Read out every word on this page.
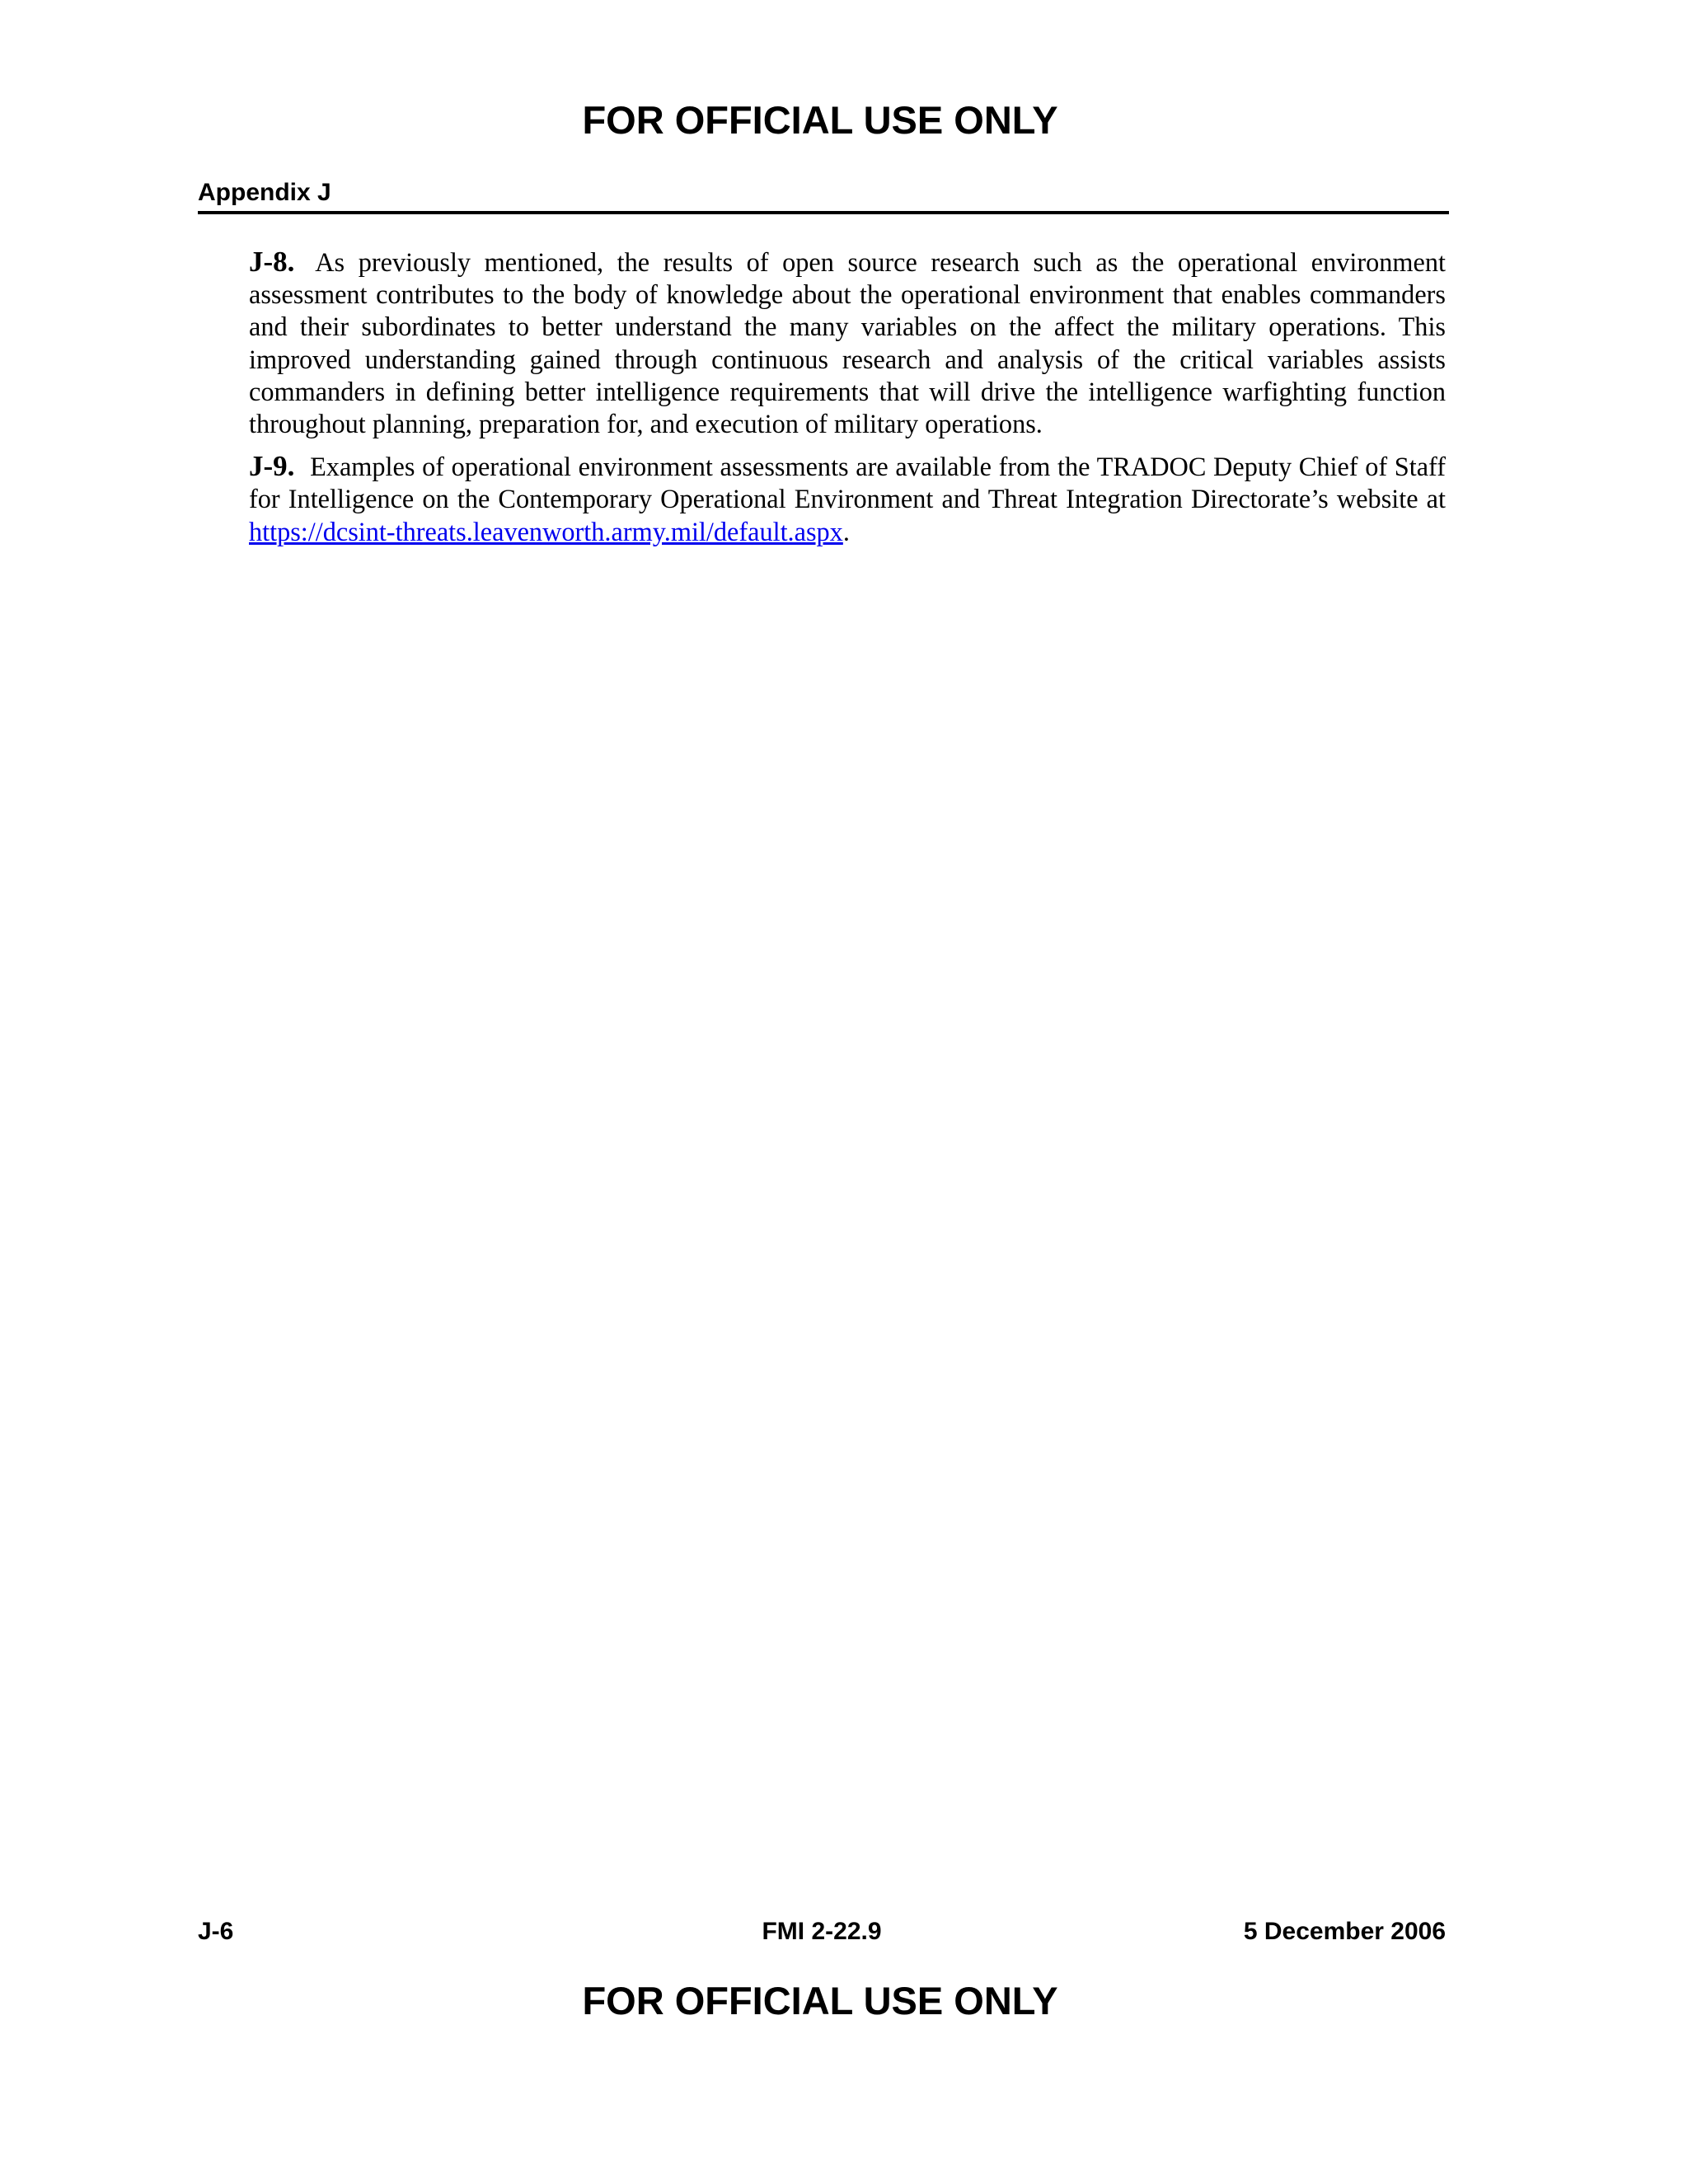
FOR OFFICIAL USE ONLY
Appendix J

J-8. As previously mentioned, the results of open source research such as the operational environment assessment contributes to the body of knowledge about the operational environment that enables commanders and their subordinates to better understand the many variables on the affect the military operations. This improved understanding gained through continuous research and analysis of the critical variables assists commanders in defining better intelligence requirements that will drive the intelligence warfighting function throughout planning, preparation for, and execution of military operations.

J-9. Examples of operational environment assessments are available from the TRADOC Deputy Chief of Staff for Intelligence on the Contemporary Operational Environment and Threat Integration Directorate’s website at https://dcsint-threats.leavenworth.army.mil/default.aspx.

J-6	FMI 2-22.9	5 December 2006
FOR OFFICIAL USE ONLY
